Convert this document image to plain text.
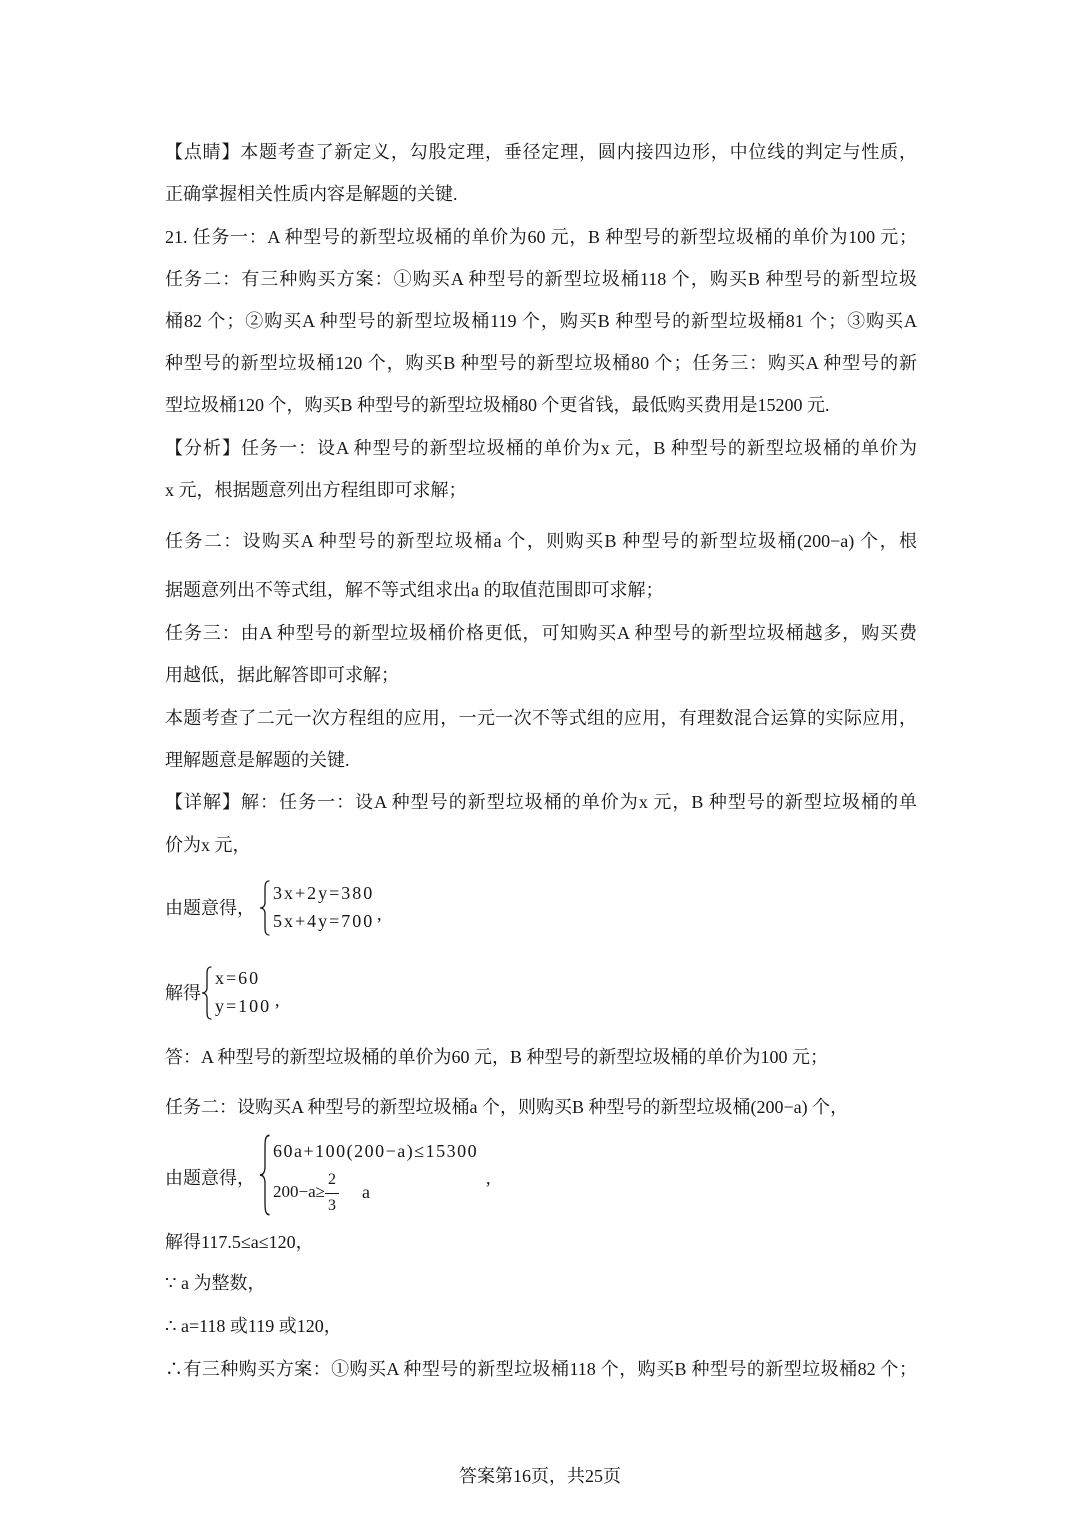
【点睛】本题考查了新定义，勾股定理，垂径定理，圆内接四边形，中位线的判定与性质，
正确掌握相关性质内容是解题的关键.
21. 任务一：A 种型号的新型垃圾桶的单价为60 元，B 种型号的新型垃圾桶的单价为100 元；
任务二：有三种购买方案：①购买A 种型号的新型垃圾桶118 个，购买B 种型号的新型垃圾
桶82 个；②购买A 种型号的新型垃圾桶119 个，购买B 种型号的新型垃圾桶81 个；③购买A
种型号的新型垃圾桶120 个，购买B 种型号的新型垃圾桶80 个；任务三：购买A 种型号的新
型垃圾桶120 个，购买B 种型号的新型垃圾桶80 个更省钱，最低购买费用是15200 元.
【分析】任务一：设A 种型号的新型垃圾桶的单价为x 元，B 种型号的新型垃圾桶的单价为
x 元，根据题意列出方程组即可求解；
任务二：设购买A 种型号的新型垃圾桶a 个，则购买B 种型号的新型垃圾桶(200−a) 个，根
据题意列出不等式组，解不等式组求出a 的取值范围即可求解；
任务三：由A 种型号的新型垃圾桶价格更低，可知购买A 种型号的新型垃圾桶越多，购买费
用越低，据此解答即可求解；
本题考查了二元一次方程组的应用，一元一次不等式组的应用，有理数混合运算的实际应用，
理解题意是解题的关键.
【详解】解：任务一：设A 种型号的新型垃圾桶的单价为x 元，B 种型号的新型垃圾桶的单
价为x 元，
由题意得，
3x+2y=380
5x+4y=700 ,
解得
x=60
y=100 ,
答：A 种型号的新型垃圾桶的单价为60 元，B 种型号的新型垃圾桶的单价为100 元；
任务二：设购买A 种型号的新型垃圾桶a 个，则购买B 种型号的新型垃圾桶(200−a) 个，
由题意得，
60a+100(200−a)≤15300
200−a≥
2
3
a
,
解得117.5≤a≤120，
∵ a 为整数，
∴ a=118 或119 或120，
∴有三种购买方案：①购买A 种型号的新型垃圾桶118 个，购买B 种型号的新型垃圾桶82 个；
答案第16页，共25页
